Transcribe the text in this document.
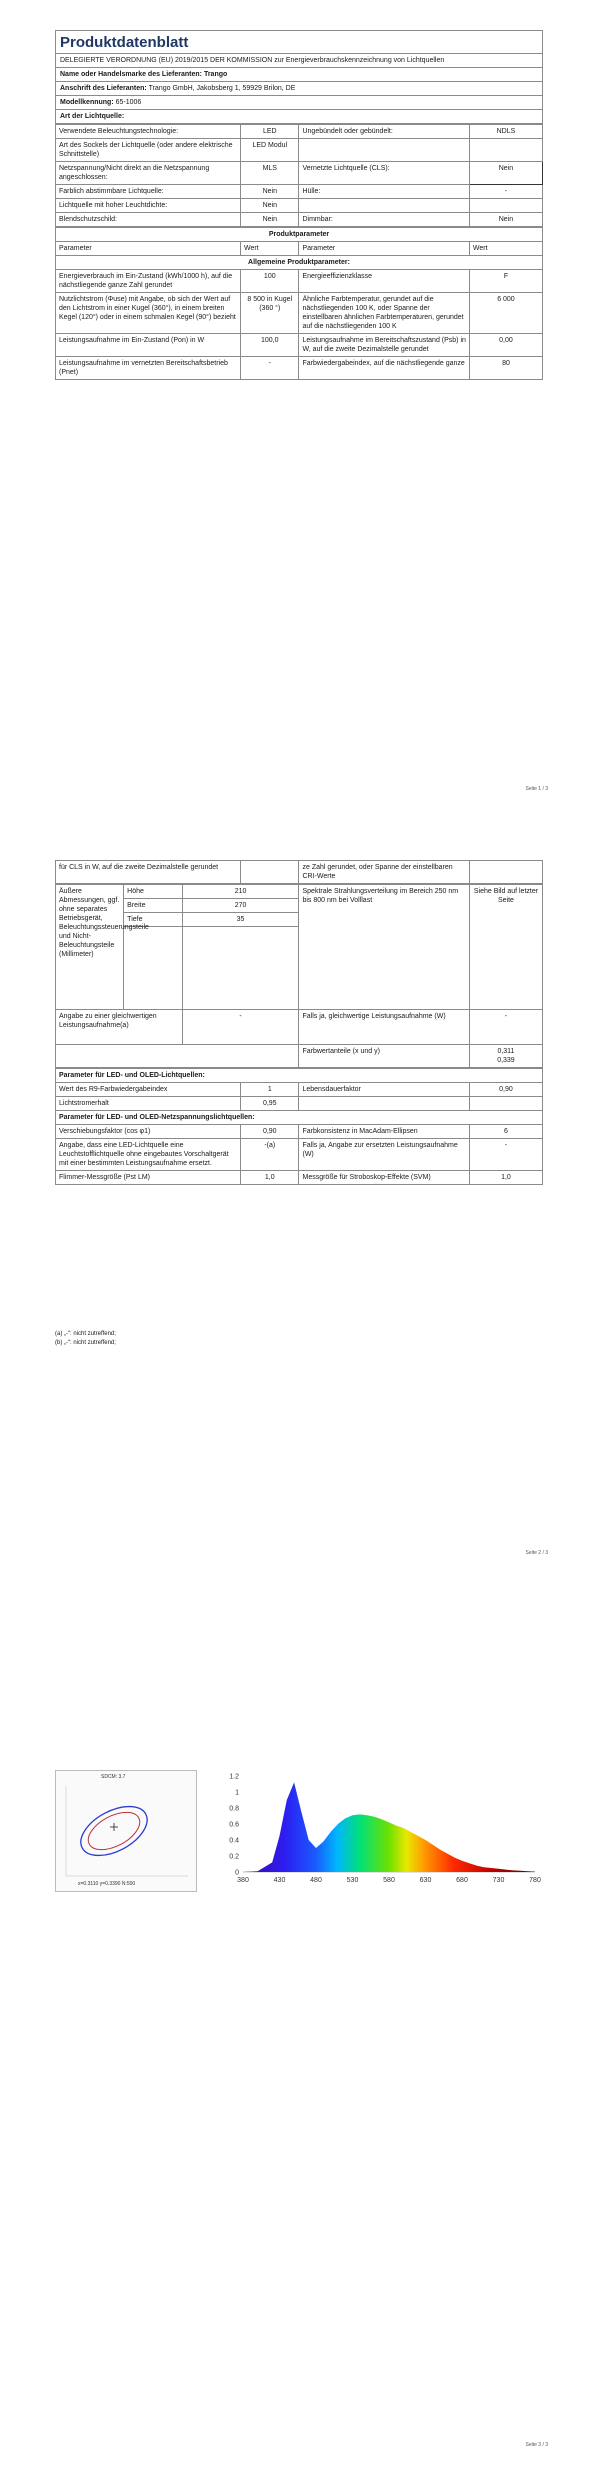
Produktdatenblatt
DELEGIERTE VERORDNUNG (EU) 2019/2015 DER KOMMISSION zur Energieverbrauchskennzeichnung von Lichtquellen
Name oder Handelsmarke des Lieferanten: Trango
Anschrift des Lieferanten: Trango GmbH, Jakobsberg 1, 59929 Brilon, DE
Modellkennung: 65-1006
Art der Lichtquelle:
Verwendete Beleuchtungstechnologie:	LED	Ungebündelt oder gebündelt:	NDLS
Art des Sockels der Lichtquelle (oder andere elektrische Schnittstelle)	LED Modul		
Netzspannung/Nicht direkt an die Netzspannung angeschlossen:	MLS	Vernetzte Lichtquelle (CLS):	Nein
Farblich abstimmbare Lichtquelle:	Nein	Hülle:	-
Lichtquelle mit hoher Leuchtdichte:	Nein		
Blendschutzschild:	Nein	Dimmbar:	Nein
Produktparameter			
Parameter	Wert	Parameter	Wert
Allgemeine Produktparameter:			
Energieverbrauch im Ein-Zustand (kWh/1000 h), auf die nächstliegende ganze Zahl gerundet	100	Energieeffizienzklasse	F
Nutzlichtstrom (Φuse) mit Angabe, ob sich der Wert auf den Lichtstrom in einer Kugel (360°), in einem breiten Kegel (120°) oder in einem schmalen Kegel (90°) bezieht	8 500 in Kugel (360 °)	Ähnliche Farbtemperatur, gerundet auf die nächstliegenden 100 K, oder Spanne der einstellbaren ähnlichen Farbtemperaturen, gerundet auf die nächstliegenden 100 K	6 000
Leistungsaufnahme im Ein-Zustand (Pon) in W	100,0	Leistungsaufnahme im Bereitschaftszustand (Psb) in W, auf die zweite Dezimalstelle gerundet	0,00
Leistungsaufnahme im vernetzten Bereitschaftsbetrieb (Pnet)	-	Farbwiedergabeindex, auf die nächstliegende ganze	80
Seite 1 / 3
für CLS in W, auf die zweite Dezimalstelle gerundet		ze Zahl gerundet, oder Spanne der einstellbaren CRI-Werte	
Äußere Abmessungen, ggf. ohne separates Betriebsgerät, Beleuchtungssteuerungsteile und Nicht-Beleuchtungsteile (Millimeter)	Höhe	210	Spektrale Strahlungsverteilung im Bereich 250 nm bis 800 nm bei Volllast	Siehe Bild auf letzter Seite
	Breite	270		
	Tiefe	35		

Angabe zu einer gleichwertigen Leistungsaufnahme(a)		-	Falls ja, gleichwertige Leistungsaufnahme (W)	-
			Farbwertanteile (x und y)	0,311
0,339
Parameter für LED- und OLED-Lichtquellen:			
Wert des R9-Farbwiedergabeindex	1	Lebensdauerfaktor	0,90
Lichtstromerhalt	0,95		
Parameter für LED- und OLED-Netzspannungslichtquellen:			
Verschiebungsfaktor (cos φ1)	0,90	Farbkonsistenz in MacAdam-Ellipsen	6
Angabe, dass eine LED-Lichtquelle eine Leuchtstofflichtquelle ohne eingebautes Vorschaltgerät mit einer bestimmten Leistungsaufnahme ersetzt.	-(a)	Falls ja, Angabe zur ersetzten Leistungsaufnahme (W)	-
Flimmer-Messgröße (Pst LM)	1,0	Messgröße für Stroboskop-Effekte (SVM)	1,0
(a) „-“: nicht zutreffend;
(b) „-“: nicht zutreffend;
Seite 2 / 3
SDCM: 3.7
x=0.3110 y=0.3390 N:500	380	430	480	530	580	630	680	730	780
0
0.2
0.4
0.6
0.8
1
1.2
Seite 3 / 3
